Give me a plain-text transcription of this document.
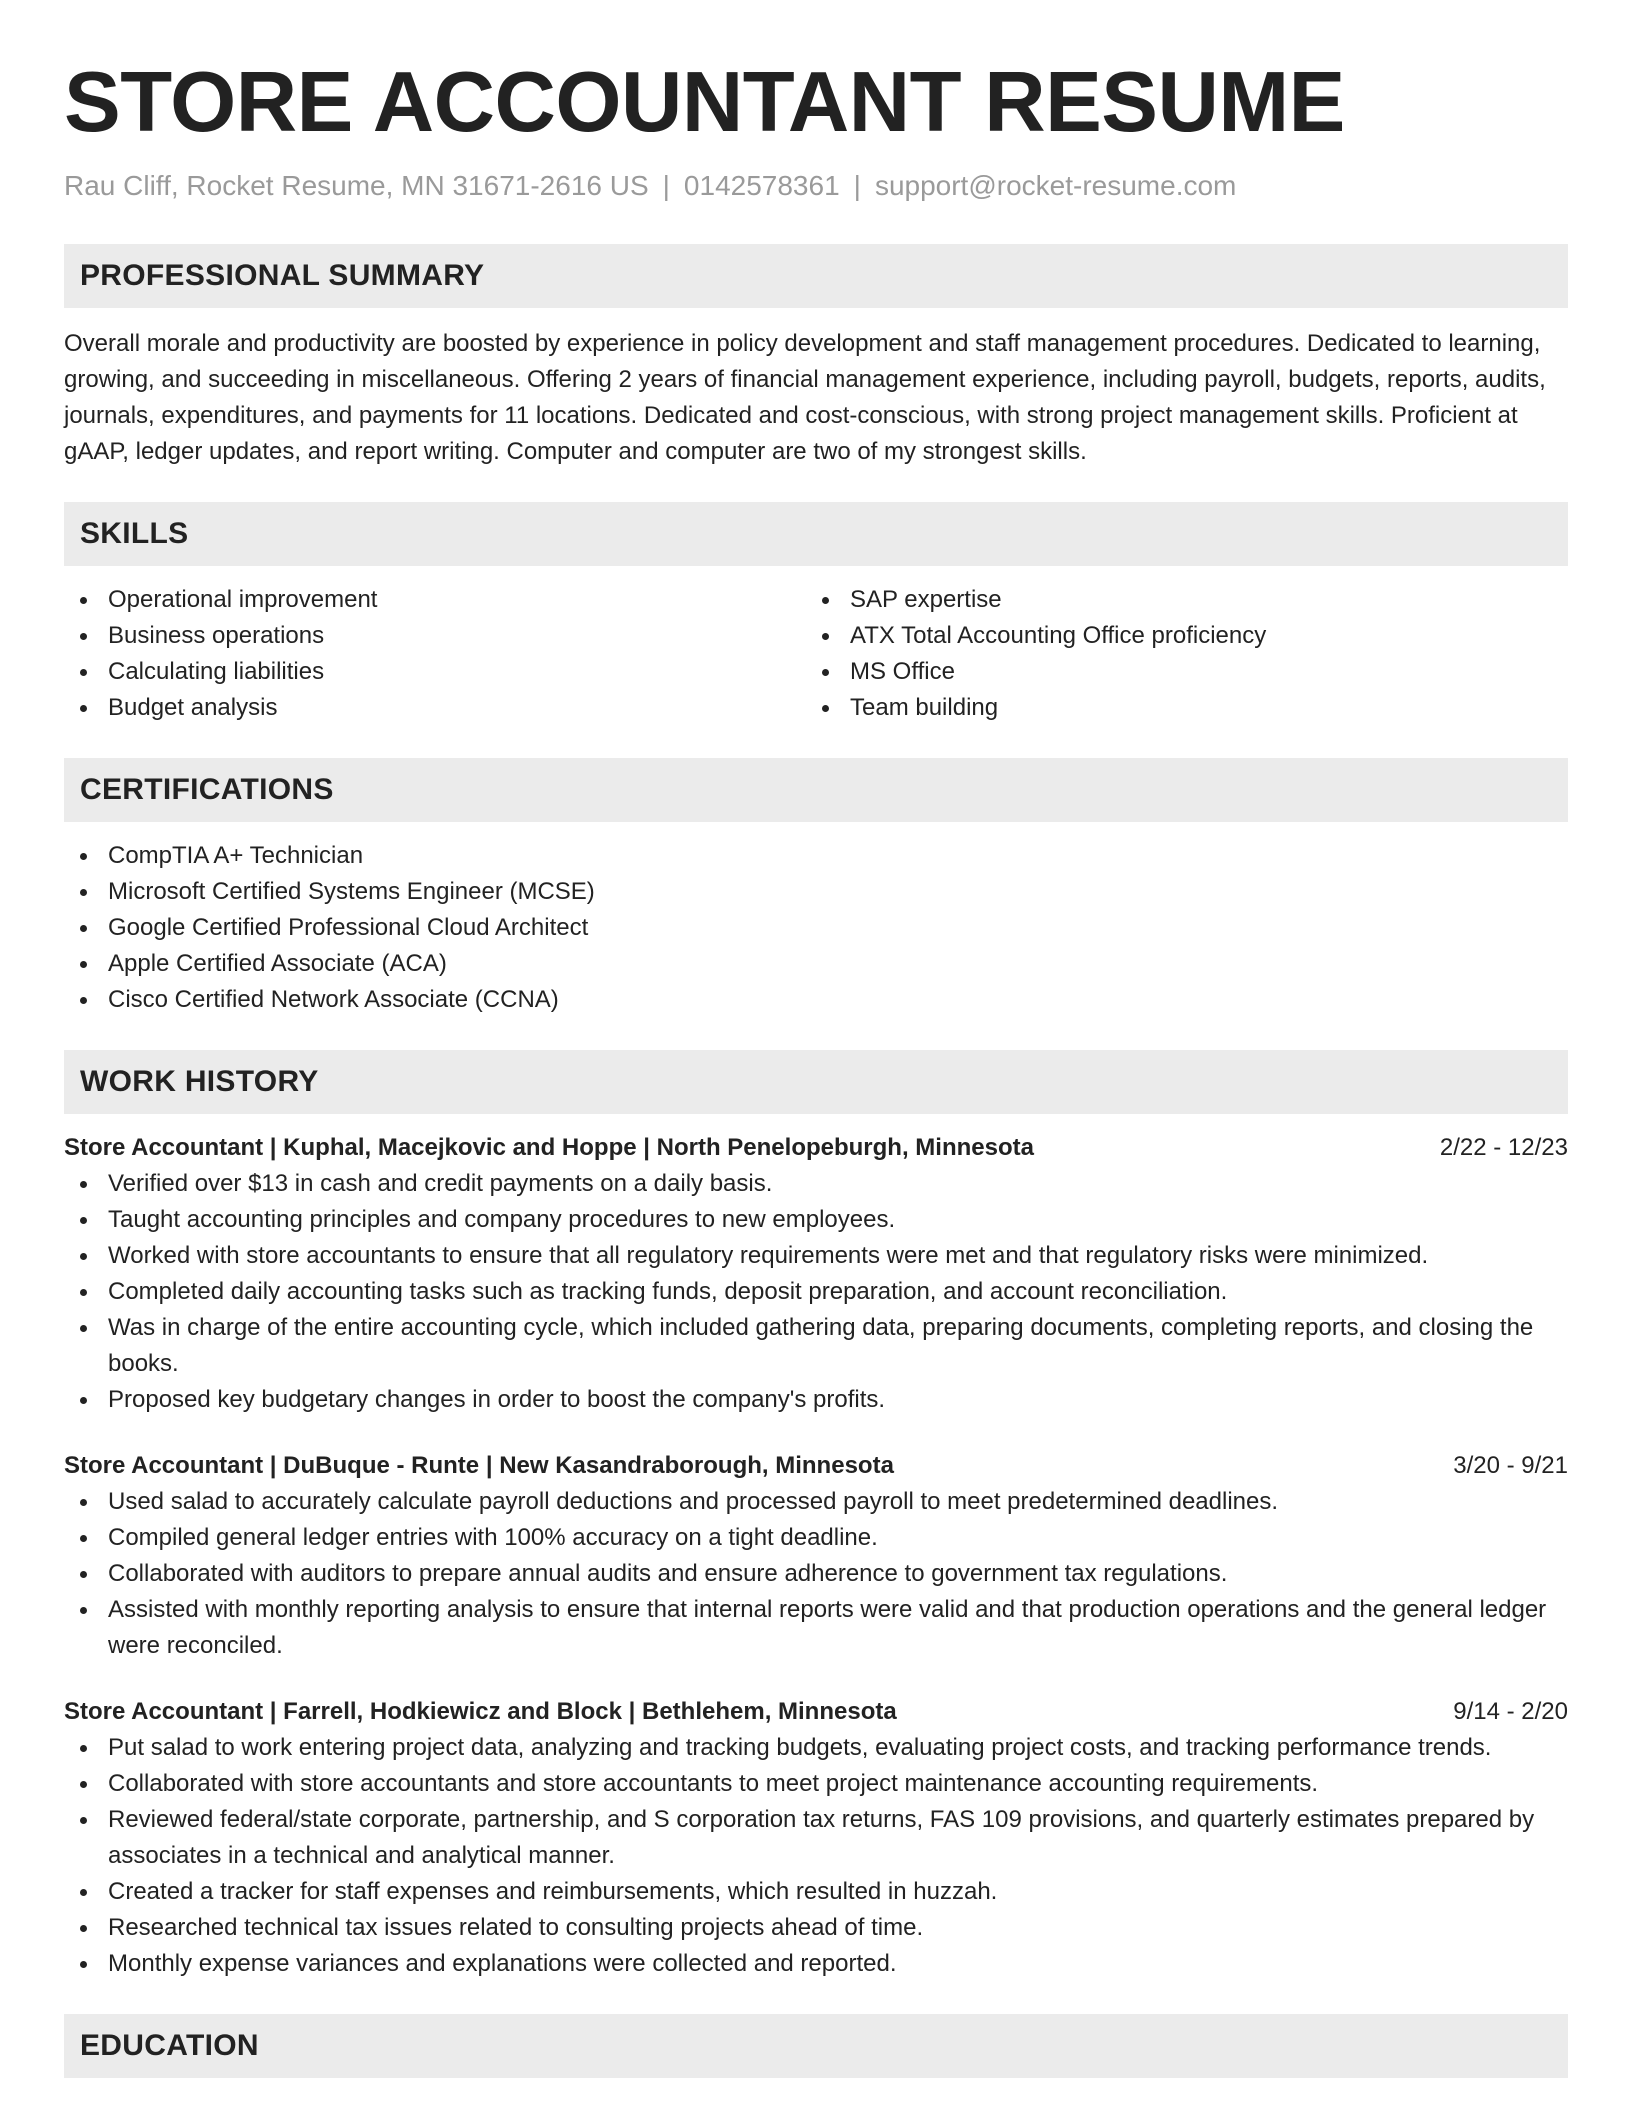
STORE ACCOUNTANT RESUME
Rau Cliff, Rocket Resume, MN 31671-2616 US | 0142578361 | support@rocket-resume.com
PROFESSIONAL SUMMARY

Overall morale and productivity are boosted by experience in policy development and staff management procedures. Dedicated to learning, growing, and succeeding in miscellaneous. Offering 2 years of financial management experience, including payroll, budgets, reports, audits, journals, expenditures, and payments for 11 locations. Dedicated and cost-conscious, with strong project management skills. Proficient at gAAP, ledger updates, and report writing. Computer and computer are two of my strongest skills.

SKILLS
Operational improvement
Business operations
Calculating liabilities
Budget analysis
SAP expertise
ATX Total Accounting Office proficiency
MS Office
Team building
CERTIFICATIONS
CompTIA A+ Technician
Microsoft Certified Systems Engineer (MCSE)
Google Certified Professional Cloud Architect
Apple Certified Associate (ACA)
Cisco Certified Network Associate (CCNA)
WORK HISTORY
Store Accountant | Kuphal, Macejkovic and Hoppe | North Penelopeburgh, Minnesota	2/22 - 12/23
Verified over $13 in cash and credit payments on a daily basis.
Taught accounting principles and company procedures to new employees.
Worked with store accountants to ensure that all regulatory requirements were met and that regulatory risks were minimized.
Completed daily accounting tasks such as tracking funds, deposit preparation, and account reconciliation.
Was in charge of the entire accounting cycle, which included gathering data, preparing documents, completing reports, and closing the books.
Proposed key budgetary changes in order to boost the company's profits.
Store Accountant | DuBuque - Runte | New Kasandraborough, Minnesota	3/20 - 9/21
Used salad to accurately calculate payroll deductions and processed payroll to meet predetermined deadlines.
Compiled general ledger entries with 100% accuracy on a tight deadline.
Collaborated with auditors to prepare annual audits and ensure adherence to government tax regulations.
Assisted with monthly reporting analysis to ensure that internal reports were valid and that production operations and the general ledger were reconciled.
Store Accountant | Farrell, Hodkiewicz and Block | Bethlehem, Minnesota	9/14 - 2/20
Put salad to work entering project data, analyzing and tracking budgets, evaluating project costs, and tracking performance trends.
Collaborated with store accountants and store accountants to meet project maintenance accounting requirements.
Reviewed federal/state corporate, partnership, and S corporation tax returns, FAS 109 provisions, and quarterly estimates prepared by associates in a technical and analytical manner.
Created a tracker for staff expenses and reimbursements, which resulted in huzzah.
Researched technical tax issues related to consulting projects ahead of time.
Monthly expense variances and explanations were collected and reported.
EDUCATION
